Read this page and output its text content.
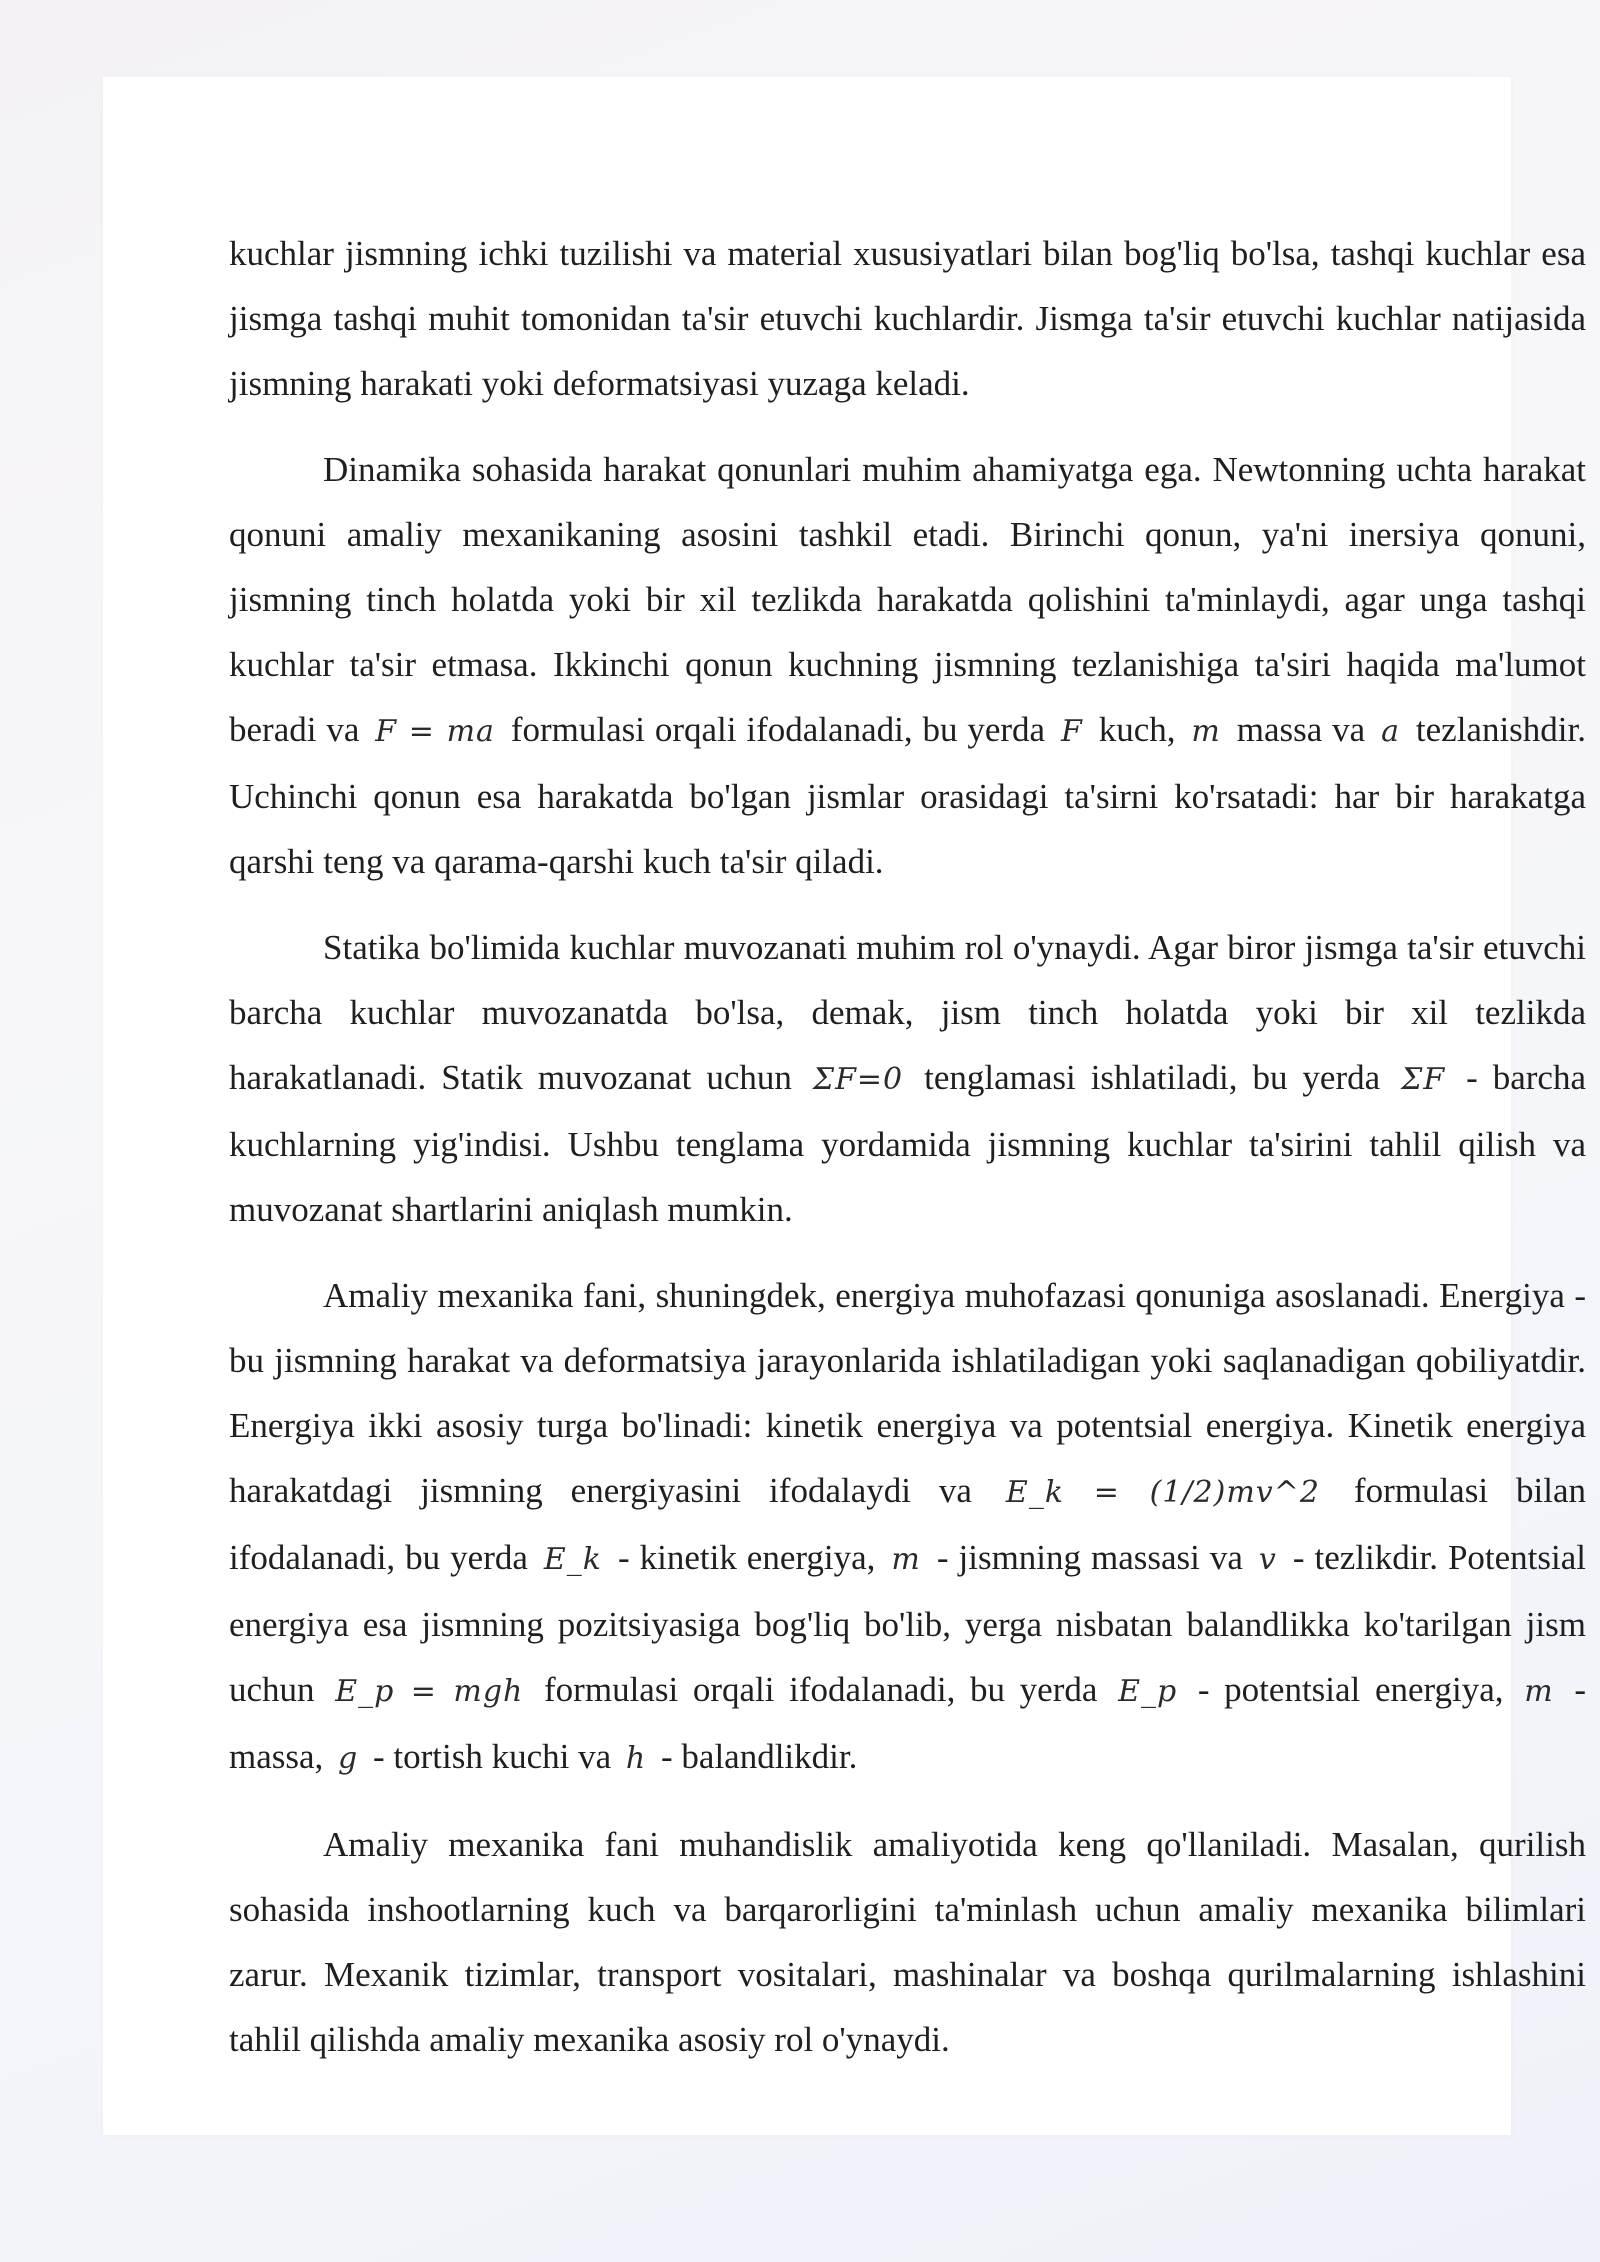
kuchlar jismning ichki tuzilishi va material xususiyatlari bilan bog'liq bo'lsa, tashqi kuchlar esa jismga tashqi muhit tomonidan ta'sir etuvchi kuchlardir. Jismga ta'sir etuvchi kuchlar natijasida jismning harakati yoki deformatsiyasi yuzaga keladi.

Dinamika sohasida harakat qonunlari muhim ahamiyatga ega. Newtonning uchta harakat qonuni amaliy mexanikaning asosini tashkil etadi. Birinchi qonun, ya'ni inersiya qonuni, jismning tinch holatda yoki bir xil tezlikda harakatda qolishini ta'minlaydi, agar unga tashqi kuchlar ta'sir etmasa. Ikkinchi qonun kuchning jismning tezlanishiga ta'siri haqida ma'lumot beradi va F = ma formulasi orqali ifodalanadi, bu yerda F kuch, m massa va a tezlanishdir. Uchinchi qonun esa harakatda bo'lgan jismlar orasidagi ta'sirni ko'rsatadi: har bir harakatga qarshi teng va qarama-qarshi kuch ta'sir qiladi.

Statika bo'limida kuchlar muvozanati muhim rol o'ynaydi. Agar biror jismga ta'sir etuvchi barcha kuchlar muvozanatda bo'lsa, demak, jism tinch holatda yoki bir xil tezlikda harakatlanadi. Statik muvozanat uchun ΣF=0 tenglamasi ishlatiladi, bu yerda ΣF - barcha kuchlarning yig'indisi. Ushbu tenglama yordamida jismning kuchlar ta'sirini tahlil qilish va muvozanat shartlarini aniqlash mumkin.

Amaliy mexanika fani, shuningdek, energiya muhofazasi qonuniga asoslanadi. Energiya - bu jismning harakat va deformatsiya jarayonlarida ishlatiladigan yoki saqlanadigan qobiliyatdir. Energiya ikki asosiy turga bo'linadi: kinetik energiya va potentsial energiya. Kinetik energiya harakatdagi jismning energiyasini ifodalaydi va E_k = (1/2)mv^2 formulasi bilan ifodalanadi, bu yerda E_k - kinetik energiya, m - jismning massasi va v - tezlikdir. Potentsial energiya esa jismning pozitsiyasiga bog'liq bo'lib, yerga nisbatan balandlikka ko'tarilgan jism uchun E_p = mgh formulasi orqali ifodalanadi, bu yerda E_p - potentsial energiya, m - massa, g - tortish kuchi va h - balandlikdir.

Amaliy mexanika fani muhandislik amaliyotida keng qo'llaniladi. Masalan, qurilish sohasida inshootlarning kuch va barqarorligini ta'minlash uchun amaliy mexanika bilimlari zarur. Mexanik tizimlar, transport vositalari, mashinalar va boshqa qurilmalarning ishlashini tahlil qilishda amaliy mexanika asosiy rol o'ynaydi.
